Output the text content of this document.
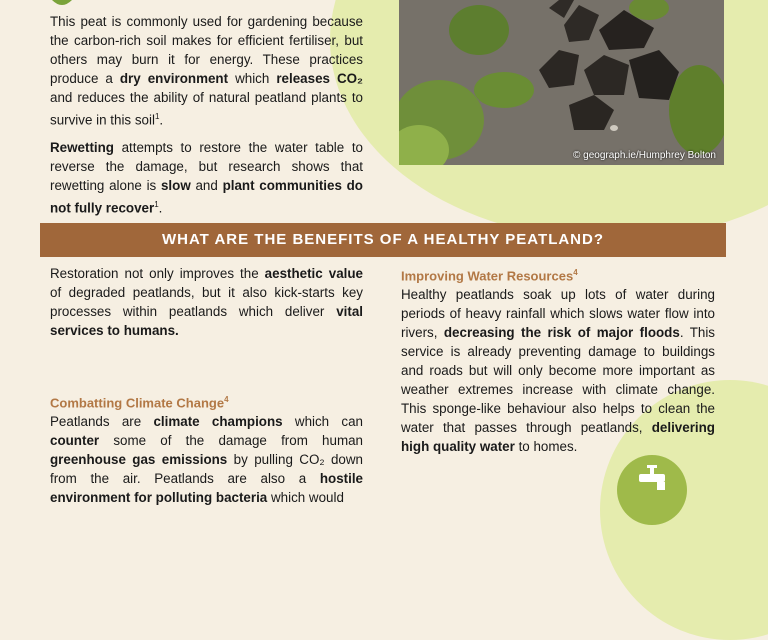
This peat is commonly used for gardening because the carbon-rich soil makes for efficient fertiliser, but others may burn it for energy. These practices produce a dry environment which releases CO₂ and reduces the ability of natural peatland plants to survive in this soil$^1$.
Rewetting attempts to restore the water table to reverse the damage, but research shows that rewetting alone is slow and plant communities do not fully recover$^1$.
© geograph.ie/Humphrey Bolton
WHAT ARE THE BENEFITS OF A HEALTHY PEATLAND?
Restoration not only improves the aesthetic value of degraded peatlands, but it also kick-starts key processes within peatlands which deliver vital services to humans.
Combatting Climate Change$^4$
Peatlands are climate champions which can counter some of the damage from human greenhouse gas emissions by pulling CO₂ down from the air. Peatlands are also a hostile environment for polluting bacteria which would
Improving Water Resources$^4$
Healthy peatlands soak up lots of water during periods of heavy rainfall which slows water flow into rivers, decreasing the risk of major floods. This service is already preventing damage to buildings and roads but will only become more important as weather extremes increase with climate change. This sponge-like behaviour also helps to clean the water that passes through peatlands, delivering high quality water to homes.
